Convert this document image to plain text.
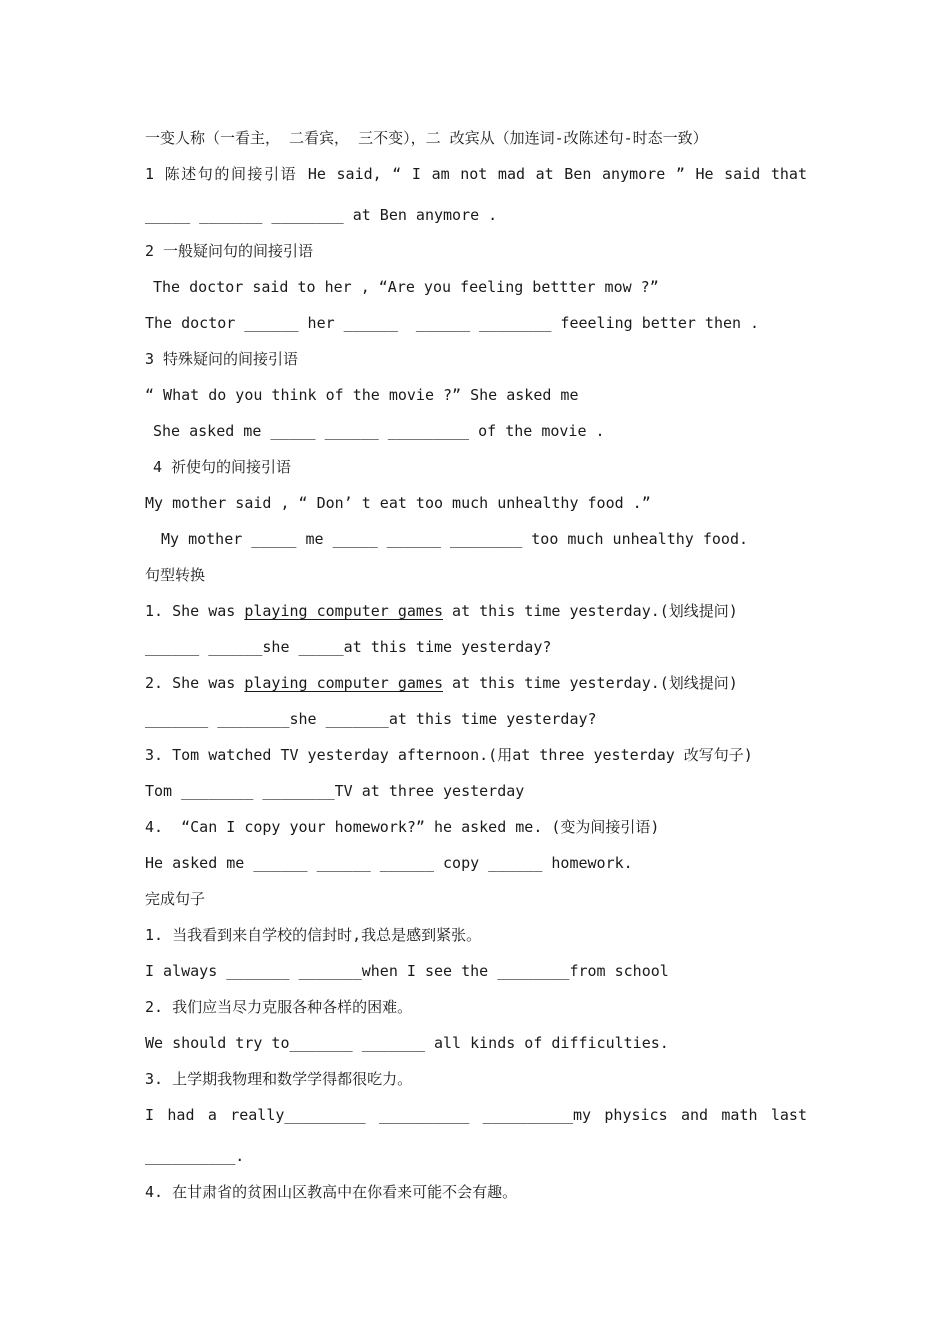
一变人称（一看主， 二看宾， 三不变），二 改宾从（加连词-改陈述句-时态一致）
1 陈述句的间接引语 He said, “ I am not mad at Ben anymore ” He said that
_____ _______ ________ at Ben anymore .
2 一般疑问句的间接引语
The doctor said to her , “Are you feeling bettter mow ?”
The doctor ______ her ______  ______ ________ feeeling better then .
3 特殊疑问的间接引语
“ What do you think of the movie ?” She asked me
She asked me _____ ______ _________ of the movie .
4 祈使句的间接引语
My mother said , “ Don’ t eat too much unhealthy food .”
My mother _____ me _____ ______ ________ too much unhealthy food.
句型转换
1. She was playing computer games at this time yesterday.(划线提问)
______ ______she _____at this time yesterday?
2. She was playing computer games at this time yesterday.(划线提问)
_______ ________she _______at this time yesterday?
3. Tom watched TV yesterday afternoon.(用at three yesterday 改写句子)
Tom ________ ________TV at three yesterday
4.  “Can I copy your homework?” he asked me. (变为间接引语)
He asked me ______ ______ ______ copy ______ homework.
完成句子
1. 当我看到来自学校的信封时,我总是感到紧张。
I always _______ _______when I see the ________from school
2. 我们应当尽力克服各种各样的困难。
We should try to_______ _______ all kinds of difficulties.
3. 上学期我物理和数学学得都很吃力。
I had a really_________ __________ __________my physics and math last
__________.
4. 在甘肃省的贫困山区教高中在你看来可能不会有趣。
